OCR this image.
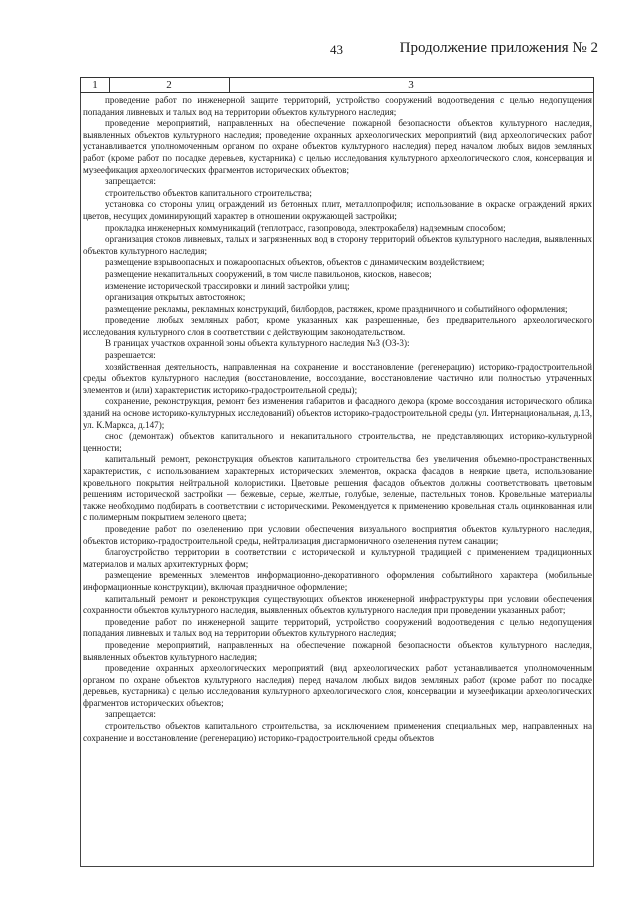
43	Продолжение приложения № 2
1	2	3

проведение работ по инженерной защите территорий, устройство сооружений водоотведения с целью недопущения попадания ливневых и талых вод на территории объектов культурного наследия;

проведение мероприятий, направленных на обеспечение пожарной безопасности объектов культурного наследия, выявленных объектов культурного наследия; проведение охранных археологических мероприятий (вид археологических работ устанавливается уполномоченным органом по охране объектов культурного наследия) перед началом любых видов земляных работ (кроме работ по посадке деревьев, кустарника) с целью исследования культурного археологического слоя, консервация и музеефикация археологических фрагментов исторических объектов;

запрещается:

строительство объектов капитального строительства;

установка со стороны улиц ограждений из бетонных плит, металлопрофиля; использование в окраске ограждений ярких цветов, несущих доминирующий характер в отношении окружающей застройки;

прокладка инженерных коммуникаций (теплотрасс, газопровода, электрокабеля) надземным способом;

организация стоков ливневых, талых и загрязненных вод в сторону территорий объектов культурного наследия, выявленных объектов культурного наследия;

размещение взрывоопасных и пожароопасных объектов, объектов с динамическим воздействием;

размещение некапитальных сооружений, в том числе павильонов, киосков, навесов;

изменение исторической трассировки и линий застройки улиц;

организация открытых автостоянок;

размещение рекламы, рекламных конструкций, билбордов, растяжек, кроме праздничного и событийного оформления;

проведение любых земляных работ, кроме указанных как разрешенные, без предварительного археологического исследования культурного слоя в соответствии с действующим законодательством.

В границах участков охранной зоны объекта культурного наследия №3 (ОЗ-3):

разрешается:

хозяйственная деятельность, направленная на сохранение и восстановление (регенерацию) историко-градостроительной среды объектов культурного наследия (восстановление, воссоздание, восстановление частично или полностью утраченных элементов и (или) характеристик историко-градостроительной среды);

сохранение, реконструкция, ремонт без изменения габаритов и фасадного декора (кроме воссоздания исторического облика зданий на основе историко-культурных исследований) объектов историко-градостроительной среды (ул. Интернациональная, д.13, ул. К.Маркса, д.147);

снос (демонтаж) объектов капитального и некапитального строительства, не представляющих историко-культурной ценности;

капитальный ремонт, реконструкция объектов капитального строительства без увеличения объемно-пространственных характеристик, с использованием характерных исторических элементов, окраска фасадов в неяркие цвета, использование кровельного покрытия нейтральной колористики. Цветовые решения фасадов объектов должны соответствовать цветовым решениям исторической застройки — бежевые, серые, желтые, голубые, зеленые, пастельных тонов. Кровельные материалы также необходимо подбирать в соответствии с историческими. Рекомендуется к применению кровельная сталь оцинкованная или с полимерным покрытием зеленого цвета;

проведение работ по озеленению при условии обеспечения визуального восприятия объектов культурного наследия, объектов историко-градостроительной среды, нейтрализация дисгармоничного озеленения путем санации;

благоустройство территории в соответствии с исторической и культурной традицией с применением традиционных материалов и малых архитектурных форм;

размещение временных элементов информационно-декоративного оформления событийного характера (мобильные информационные конструкции), включая праздничное оформление;

капитальный ремонт и реконструкция существующих объектов инженерной инфраструктуры при условии обеспечения сохранности объектов культурного наследия, выявленных объектов культурного наследия при проведении указанных работ;

проведение работ по инженерной защите территорий, устройство сооружений водоотведения с целью недопущения попадания ливневых и талых вод на территории объектов культурного наследия;

проведение мероприятий, направленных на обеспечение пожарной безопасности объектов культурного наследия, выявленных объектов культурного наследия;

проведение охранных археологических мероприятий (вид археологических работ устанавливается уполномоченным органом по охране объектов культурного наследия) перед началом любых видов земляных работ (кроме работ по посадке деревьев, кустарника) с целью исследования культурного археологического слоя, консервации и музеефикации археологических фрагментов исторических объектов;

запрещается:

строительство объектов капитального строительства, за исключением применения специальных мер, направленных на сохранение и восстановление (регенерацию) историко-градостроительной среды объектов
